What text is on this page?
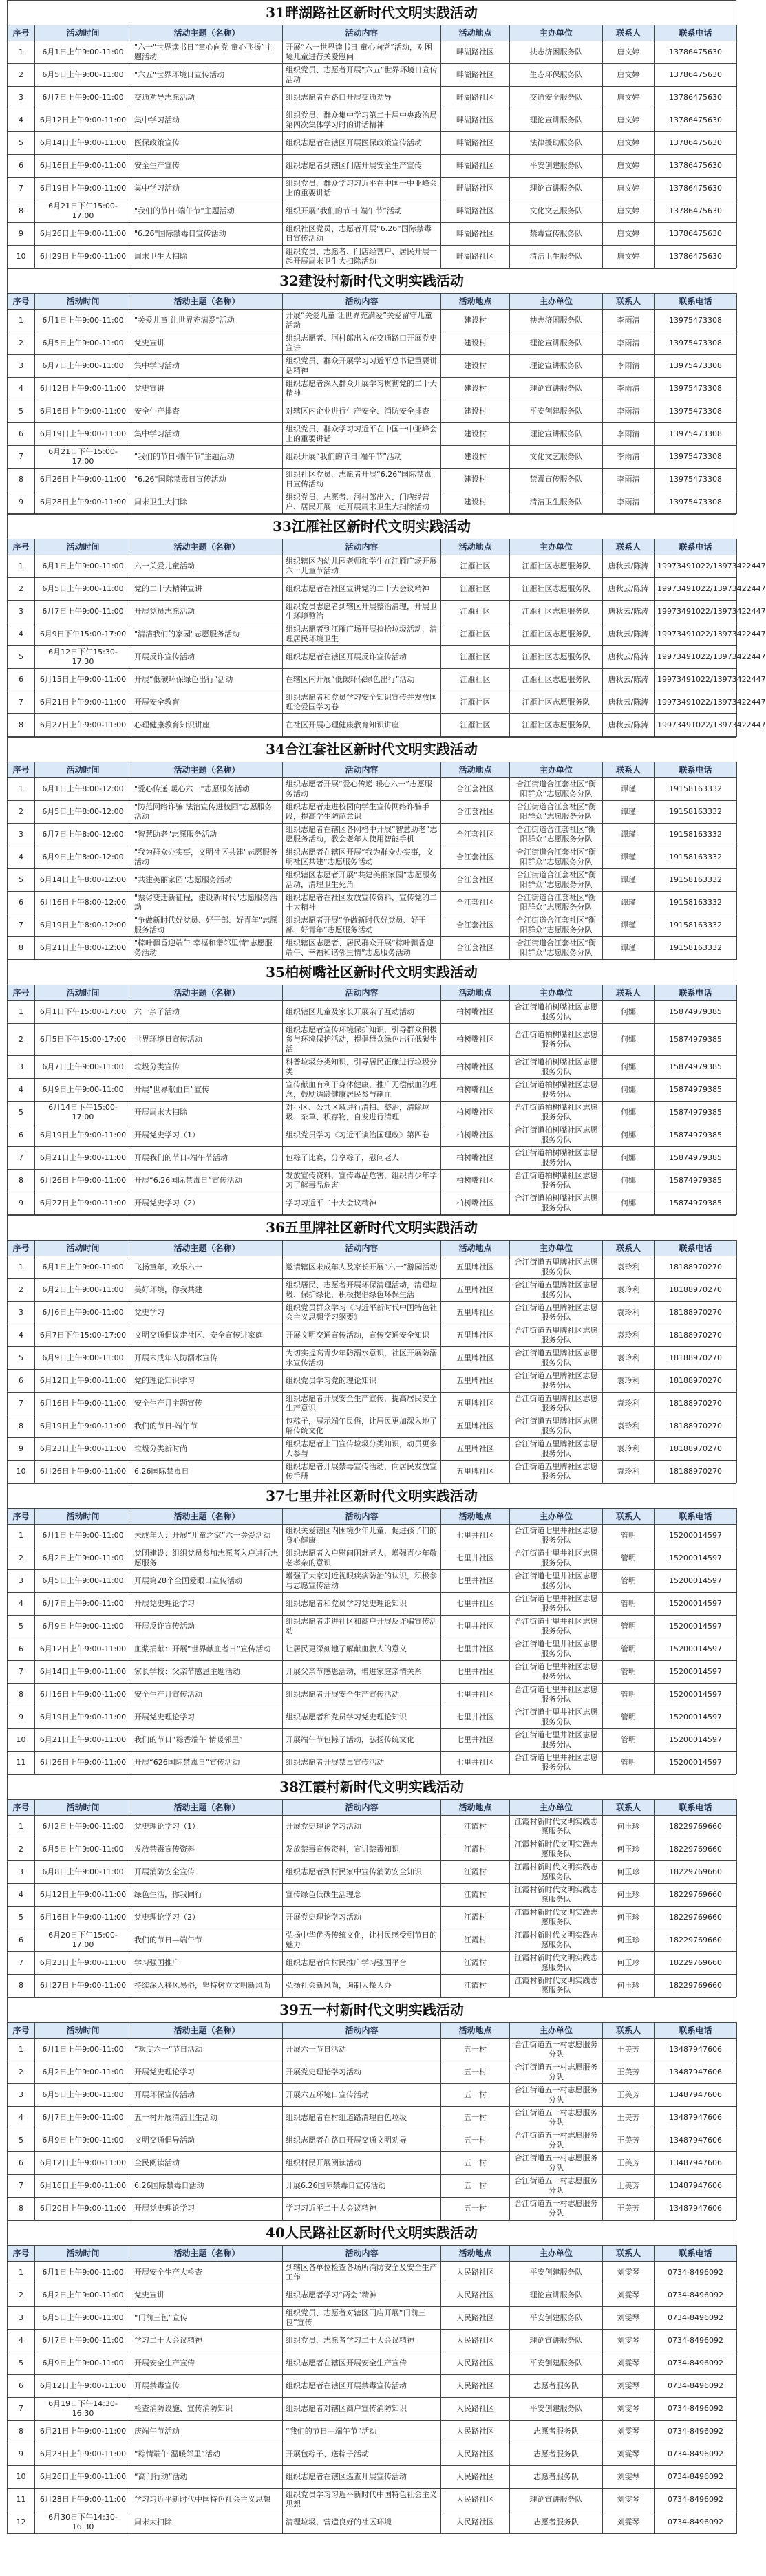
31畔湖路社区新时代文明实践活动
序号	活动时间	活动主题（名称）	活动内容	活动地点	主办单位	联系人	联系电话
1	6月1日上午9:00-11:00	"六一"世界读书日“童心向党 童心飞扬”主题活动	开展“六一世界读书日·童心向党”活动，对困境儿童进行关爱慰问	畔湖路社区	扶志济困服务队	唐文婷	13786475630
2	6月5日上午9:00-11:00	"六五"世界环境日宣传活动	组织党员、志愿者开展“六五”世界环境日宣传活动	畔湖路社区	生态环保服务队	唐文婷	13786475630
3	6月7日上午9:00-11:00	交通劝导志愿活动	组织志愿者在路口开展交通劝导	畔湖路社区	交通安全服务队	唐文婷	13786475630
4	6月12日上午9:00-11:00	集中学习活动	组织党员、群众集中学习第二十届中央政治局第四次集体学习时的讲话精神	畔湖路社区	理论宣讲服务队	唐文婷	13786475630
5	6月14日上午9:00-11:00	医保政策宣传	组织志愿者在辖区开展医保政策宣传活动	畔湖路社区	法律援助服务队	唐文婷	13786475630
6	6月16日上午9:00-11:00	安全生产宣传	组织志愿者到辖区门店开展安全生产宣传	畔湖路社区	平安创建服务队	唐文婷	13786475630
7	6月19日上午9:00-11:00	集中学习活动	组织党员、群众学习习近平在中国一中亚峰会上的重要讲话	畔湖路社区	理论宣讲服务队	唐文婷	13786475630
8	6月21日下午15:00-17:00	"我们的节日·端午节"主题活动	组织开展“我们的节日·端午节”活动	畔湖路社区	文化文艺服务队	唐文婷	13786475630
9	6月26日上午9:00-11:00	"6.26"国际禁毒日宣传活动	组织社区党员、志愿者开展“6.26”国际禁毒日宣传活动	畔湖路社区	禁毒宣传服务队	唐文婷	13786475630
10	6月29日上午9:00-11:00	周末卫生大扫除	组织党员、志愿者、门店经营户、居民开展一起开展周末卫生大扫除活动	畔湖路社区	清洁卫生服务队	唐文婷	13786475630
32建设村新时代文明实践活动
序号	活动时间	活动主题（名称）	活动内容	活动地点	主办单位	联系人	联系电话
1	6月1日上午9:00-11:00	"关爱儿童 让世界充满爱"活动	开展“关爱儿童 让世界充满爱”关爱留守儿童活动	建设村	扶志济困服务队	李雨清	13975473308
2	6月5日上午9:00-11:00	党史宣讲	组织志愿者、河村郎出入在交通路口开展党史宣讲	建设村	理论宣讲服务队	李雨清	13975473308
3	6月7日上午9:00-11:00	集中学习活动	组织党员、群众开展学习习近平总书记重要讲话精神	建设村	理论宣讲服务队	李雨清	13975473308
4	6月12日上午9:00-11:00	党史宣讲	组织志愿者深入群众开展学习贯彻党的二十大精神	建设村	理论宣讲服务队	李雨清	13975473308
5	6月16日上午9:00-11:00	安全生产排查	对辖区内企业进行生产安全、消防安全排查	建设村	平安创建服务队	李雨清	13975473308
6	6月19日上午9:00-11:00	集中学习活动	组织党员、群众学习习近平在中国一中亚峰会上的重要讲话	建设村	理论宣讲服务队	李雨清	13975473308
7	6月21日下午15:00-17:00	"我们的节日·端午节"主题活动	组织开展“我们的节日·端午节”活动	建设村	文化文艺服务队	李雨清	13975473308
8	6月26日上午9:00-11:00	"6.26"国际禁毒日宣传活动	组织社区党员、志愿者开展“6.26”国际禁毒日宣传活动	建设村	禁毒宣传服务队	李雨清	13975473308
9	6月28日上午9:00-11:00	周末卫生大扫除	组织党员、志愿者、河村郎出入、门店经营户、居民开展一起开展周末卫生大扫除活动	建设村	清洁卫生服务队	李雨清	13975473308
33江雁社区新时代文明实践活动
序号	活动时间	活动主题（名称）	活动内容	活动地点	主办单位	联系人	联系电话
1	6月1日上午9:00-11:00	六一关爱儿童活动	组织辖区内幼儿园老师和学生在江雁广场开展六一儿童节活动	江雁社区	江雁社区志愿服务队	唐秋云/陈涛	19973491022/13973422447
2	6月5日上午9:00-11:00	党的二十大精神宣讲	组织志愿者在社区宣讲党的二十大会议精神	江雁社区	江雁社区志愿服务队	唐秋云/陈涛	19973491022/13973422447
3	6月7日上午9:00-11:00	开展党员志愿活动	组织党员志愿者到辖区开展整治清理，开展卫生环境整治	江雁社区	江雁社区志愿服务队	唐秋云/陈涛	19973491022/13973422447
4	6月9日下午15:00-17:00	"清洁我们的家园"志愿服务活动	组织志愿者到江雁广场开展捡拾垃圾活动，清理居民环境卫生	江雁社区	江雁社区志愿服务队	唐秋云/陈涛	19973491022/13973422447
5	6月12日下午15:30-17:30	开展反诈宣传活动	组织志愿者在辖区开展反诈宣传活动	江雁社区	江雁社区志愿服务队	唐秋云/陈涛	19973491022/13973422447
6	6月15日上午9:00-11:00	开展“低碳环保绿色出行”活动	在辖区内开展“低碳环保绿色出行”活动	江雁社区	江雁社区志愿服务队	唐秋云/陈涛	19973491022/13973422447
7	6月21日上午9:00-11:00	开展安全教育	组织志愿者和党员学习安全知识宣传并发放国理论爱国学习卷	江雁社区	江雁社区志愿服务队	唐秋云/陈涛	19973491022/13973422447
8	6月27日上午9:00-11:00	心理健康教育知识讲座	在社区开展心理健康教育知识讲座	江雁社区	江雁社区志愿服务队	唐秋云/陈涛	19973491022/13973422447
34合江套社区新时代文明实践活动
序号	活动时间	活动主题（名称）	活动内容	活动地点	主办单位	联系人	联系电话
1	6月1日上午8:00-12:00	"爱心传递 暖心六一"志愿服务活动	组织志愿者开展“爱心传递 暖心六一”志愿服务活动	合江套社区	合江街道合江套社区“衡阳群众”志愿服务分队	谭瑾	19158163332
2	6月5日上午8:00-12:00	"防范网络诈骗 法治宣传进校园"志愿服务活动	组织志愿者走进校园向学生宣传网络诈骗手段，提高学生防范意识	合江套社区	合江街道合江套社区“衡阳群众”志愿服务分队	谭瑾	19158163332
3	6月7日上午8:00-12:00	"智慧助老"志愿服务活动	组织志愿者在辖区各网格中开展“智慧助老”志愿服务活动，教会老年人使用智能手机	合江套社区	合江街道合江套社区“衡阳群众”志愿服务分队	谭瑾	19158163332
4	6月9日上午8:00-12:00	"我为群众办实事，文明社区共建"志愿服务活动	组织志愿者在辖区开展“我为群众办实事，文明社区共建”志愿服务活动	合江套社区	合江街道合江套社区“衡阳群众”志愿服务分队	谭瑾	19158163332
5	6月14日上午8:00-12:00	"共建美丽家园"志愿服务活动	组织辖区志愿者开展“共建美丽家园”志愿服务活动，清理卫生死角	合江套社区	合江街道合江套社区“衡阳群众”志愿服务分队	谭瑾	19158163332
6	6月16日上午8:00-12:00	"票劣变迁新征程，建设新时代"志愿服务活动	组织志愿者在社区发放宣传资料，宣传党的二十大精神	合江套社区	合江街道合江套社区“衡阳群众”志愿服务分队	谭瑾	19158163332
7	6月19日上午8:00-12:00	"争做新时代好党员、好干部、好青年"志愿服务活动	组织志愿者开展“争做新时代好党员、好干部、好青年”志愿服务活动	合江套社区	合江街道合江套社区“衡阳群众”志愿服务分队	谭瑾	19158163332
8	6月21日上午8:00-12:00	"粽叶飘香迎端午 幸福和谐邻里情"志愿服务活动	组织辖区志愿者、居民群众开展“粽叶飘香迎端午、幸福和谐邻里情”志愿服务活动	合江套社区	合江街道合江套社区“衡阳群众”志愿服务分队	谭瑾	19158163332
35柏树嘴社区新时代文明实践活动
序号	活动时间	活动主题（名称）	活动内容	活动地点	主办单位	联系人	联系电话
1	6月1日下午15:00-17:00	六一亲子活动	组织辖区儿童及家长开展亲子互动活动	柏树嘴社区	合江街道柏树嘴社区志愿服务分队	何娜	15874979385
2	6月5日下午15:00-17:00	世界环境日宣传活动	组织志愿者宣传环境保护知识，引导群众积极参与环境保护活动，提倡群众绿色出行低碳生活	柏树嘴社区	合江街道柏树嘴社区志愿服务分队	何娜	15874979385
3	6月7日上午9:00-11:00	垃圾分类宣传	科普垃圾分类知识，引导居民正确进行垃圾分类	柏树嘴社区	合江街道柏树嘴社区志愿服务分队	何娜	15874979385
4	6月9日上午9:00-11:00	开展"世界献血日"宣传	宣传献血有利于身体健康，推广无偿献血的理念，鼓励适龄健康居民参与献血	柏树嘴社区	合江街道柏树嘴社区志愿服务分队	何娜	15874979385
5	6月14日下午15:00-17:00	开展周末大扫除	对小区、公共区域进行清扫、整治，清除垃圾、杂草、积存物，自发进行清理	柏树嘴社区	合江街道柏树嘴社区志愿服务分队	何娜	15874979385
6	6月19日上午9:00-11:00	开展党史学习（1）	组织党员学习《习近平谈治国理政》第四卷	柏树嘴社区	合江街道柏树嘴社区志愿服务分队	何娜	15874979385
7	6月21日上午9:00-11:00	开展我们的节日-端午节活动	包粽子比赛，分享粽子，慰问老人	柏树嘴社区	合江街道柏树嘴社区志愿服务分队	何娜	15874979385
8	6月26日上午9:00-11:00	开展“6.26国际禁毒日”宣传活动	发放宣传资料，宣传毒品危害，组织青少年学习了解毒品危害	柏树嘴社区	合江街道柏树嘴社区志愿服务分队	何娜	15874979385
9	6月27日上午9:00-11:00	开展党史学习（2）	学习习近平二十大会议精神	柏树嘴社区	合江街道柏树嘴社区志愿服务分队	何娜	15874979385
36五里牌社区新时代文明实践活动
序号	活动时间	活动主题（名称）	活动内容	活动地点	主办单位	联系人	联系电话
1	6月1日上午9:00-11:00	飞扬童年，欢乐六一	邀请辖区未成年人及家长开展“六一”游园活动	五里牌社区	合江街道五里牌社区志愿服务分队	袁玲利	18188970270
2	6月2日上午9:00-11:00	美好环境，你我共建	组织居民、志愿者开展环保清理活动，清理垃圾、保护绿化，积极提倡绿色环保生活	五里牌社区	合江街道五里牌社区志愿服务分队	袁玲利	18188970270
3	6月6日上午9:00-11:00	党史学习	组织党员群众学习《习近平新时代中国特色社会主义思想学习纲要》	五里牌社区	合江街道五里牌社区志愿服务分队	袁玲利	18188970270
4	6月7日下午15:00-17:00	文明交通倡议走社区、安全宣传进家庭	开展文明交通宣传活动，宣传交通安全知识	五里牌社区	合江街道五里牌社区志愿服务分队	袁玲利	18188970270
5	6月9日上午9:00-11:00	开展未成年人防溺水宣传	为切实提高青少年防溺水意识，社区开展防溺水宣传活动	五里牌社区	合江街道五里牌社区志愿服务分队	袁玲利	18188970270
6	6月12日上午9:00-11:00	党的理论知识学习	组织党员学习党的理论知识	五里牌社区	合江街道五里牌社区志愿服务分队	袁玲利	18188970270
7	6月16日上午9:00-11:00	安全生产月主题宣传	组织志愿者开展安全生产宣传，提高居民安全生产意识	五里牌社区	合江街道五里牌社区志愿服务分队	袁玲利	18188970270
8	6月19日上午9:00-11:00	我们的节日-端午节	包粽子，展示端午民俗，让居民更加深入地了解传统文化	五里牌社区	合江街道五里牌社区志愿服务分队	袁玲利	18188970270
9	6月23日上午9:00-11:00	垃圾分类新时尚	组织志愿者上门宣传垃圾分类知识，动员更多人参与	五里牌社区	合江街道五里牌社区志愿服务分队	袁玲利	18188970270
10	6月26日上午9:00-11:00	6.26国际禁毒日	组织志愿者开展禁毒宣传活动，向居民发放宣传手册	五里牌社区	合江街道五里牌社区志愿服务分队	袁玲利	18188970270
37七里井社区新时代文明实践活动
序号	活动时间	活动主题（名称）	活动内容	活动地点	主办单位	联系人	联系电话
1	6月1日上午9:00-11:00	未成年人：开展“儿童之家”六一关爱活动	组织关爱辖区内困境少年儿童，促进孩子们的身心健康	七里井社区	合江街道七里井社区志愿服务分队	管明	15200014597
2	6月2日上午9:00-11:00	党团建设：组织党员参加志愿者入户进行志愿服务	组织志愿者入户慰问困难老人，增强青少年敬老孝亲的意识	七里井社区	合江街道七里井社区志愿服务分队	管明	15200014597
3	6月5日上午9:00-11:00	开展第28个全国爱眼日宣传活动	增强了大家对近视眼疾病防治的认识，积极参与志愿宣传活动	七里井社区	合江街道七里井社区志愿服务分队	管明	15200014597
4	6月7日上午9:00-11:00	开展党史理论学习	组织志愿者和党员学习党史理论知识	七里井社区	合江街道七里井社区志愿服务分队	管明	15200014597
5	6月9日上午9:00-11:00	开展反诈宣传活动	组织志愿者走进社区和商户开展反诈骗宣传活动	七里井社区	合江街道七里井社区志愿服务分队	管明	15200014597
6	6月12日上午9:00-11:00	血浆捐献：开展“世界献血者日”宣传活动	让居民更深刻地了解献血救人的意义	七里井社区	合江街道七里井社区志愿服务分队	管明	15200014597
7	6月14日上午9:00-11:00	家长学校：父亲节感恩主题活动	开展父亲节感恩活动，增进家庭亲情关系	七里井社区	合江街道七里井社区志愿服务分队	管明	15200014597
8	6月16日上午9:00-11:00	安全生产月宣传活动	组织志愿者开展安全生产宣传活动	七里井社区	合江街道七里井社区志愿服务分队	管明	15200014597
9	6月19日上午9:00-11:00	开展党史理论学习	组织志愿者和党员学习党史理论知识	七里井社区	合江街道七里井社区志愿服务分队	管明	15200014597
10	6月21日上午9:00-11:00	我们的节日“粽香端午 情暖邻里”	开展端午节包粽子活动，弘扬传统文化	七里井社区	合江街道七里井社区志愿服务分队	管明	15200014597
11	6月26日上午9:00-11:00	开展“626国际禁毒日”宣传活动	组织志愿者开展禁毒宣传活动	七里井社区	合江街道七里井社区志愿服务分队	管明	15200014597
38江霞村新时代文明实践活动
序号	活动时间	活动主题（名称）	活动内容	活动地点	主办单位	联系人	联系电话
1	6月2日上午9:00-11:00	党史理论学习（1）	开展党史理论学习活动	江霞村	江霞村新时代文明实践志愿服务队	何玉珍	18229769660
2	6月5日上午9:00-11:00	发放禁毒宣传资料	发放禁毒宣传资料，宣讲禁毒知识	江霞村	江霞村新时代文明实践志愿服务队	何玉珍	18229769660
3	6月8日上午9:00-11:00	开展消防安全宣传	组织志愿者到村民家中宣传消防安全知识	江霞村	江霞村新时代文明实践志愿服务队	何玉珍	18229769660
4	6月12日上午9:00-11:00	绿色生活，你我同行	宣传绿色低碳生活理念	江霞村	江霞村新时代文明实践志愿服务队	何玉珍	18229769660
5	6月16日上午9:00-11:00	党史理论学习（2）	开展党史理论学习活动	江霞村	江霞村新时代文明实践志愿服务队	何玉珍	18229769660
6	6月20日下午15:00-17:00	我们的节日—端午节	弘扬中华优秀传统文化，让村民感受到节日的魅力	江霞村	江霞村新时代文明实践志愿服务队	何玉珍	18229769660
7	6月23日上午9:00-11:00	学习强国推广	组织志愿者向村民推广学习强国平台	江霞村	江霞村新时代文明实践志愿服务队	何玉珍	18229769660
8	6月27日上午9:00-11:00	持续深入移风易俗，坚持树立文明新风尚	弘扬社会新风尚，遏制大操大办	江霞村	江霞村新时代文明实践志愿服务队	何玉珍	18229769660
39五一村新时代文明实践活动
序号	活动时间	活动主题（名称）	活动内容	活动地点	主办单位	联系人	联系电话
1	6月1日上午9:00-11:00	“欢度六一”节日活动	开展六一节日活动	五一村	合江街道五一村志愿服务分队	王美芳	13487947606
2	6月2日上午9:00-11:00	开展党史理论学习	开展党史理论学习活动	五一村	合江街道五一村志愿服务分队	王美芳	13487947606
3	6月5日上午9:00-11:00	开展环保宣传活动	开展六五环境日宣传活动	五一村	合江街道五一村志愿服务分队	王美芳	13487947606
4	6月7日上午9:00-11:00	五一村开展清洁卫生活动	组织志愿者在村组道路清理白色垃圾	五一村	合江街道五一村志愿服务分队	王美芳	13487947606
5	6月9日上午9:00-11:00	文明交通倡导活动	组织志愿者在路口开展交通文明劝导	五一村	合江街道五一村志愿服务分队	王美芳	13487947606
6	6月12日上午9:00-11:00	全民阅读活动	组织村民开展阅读活动	五一村	合江街道五一村志愿服务分队	王美芳	13487947606
7	6月16日上午9:00-11:00	6.26国际禁毒日活动	开展6.26国际禁毒日宣传活动	五一村	合江街道五一村志愿服务分队	王美芳	13487947606
8	6月20日上午9:00-11:00	开展党史理论学习	学习习近平二十大会议精神	五一村	合江街道五一村志愿服务分队	王美芳	13487947606
40人民路社区新时代文明实践活动
序号	活动时间	活动主题（名称）	活动内容	活动地点	主办单位	联系人	联系电话
1	6月1日上午9:00-11:00	开展安全生产大检查	到辖区各单位检查各场所消防安全及安全生产工作	人民路社区	平安创建服务队	刘雯琴	0734-8496092
2	6月2日上午9:00-11:00	党史宣讲	组织志愿者学习“两会”精神	人民路社区	理论宣讲服务队	刘雯琴	0734-8496092
3	6月5日上午9:00-11:00	“门前三包”宣传	组织党员、志愿者对辖区门店开展“门前三包”宣传	人民路社区	平安创建服务队	刘雯琴	0734-8496092
4	6月7日上午9:00-11:00	学习二十大会议精神	组织党员、志愿者学习二十大会议精神	人民路社区	理论宣讲服务队	刘雯琴	0734-8496092
5	6月9日上午9:00-11:00	开展安全生产宣传	组织志愿者在辖区开展安全生产宣传	人民路社区	平安创建服务队	刘雯琴	0734-8496092
6	6月12日上午9:00-11:00	开展禁毒宣传	组织志愿者在辖区开展禁毒宣传活动	人民路社区	志愿者服务队	刘雯琴	0734-8496092
7	6月19日下午14:30-16:30	检查消防设施、宣传消防知识	组织志愿者对辖区商户宣传消防知识	人民路社区	平安创建服务队	刘雯琴	0734-8496092
8	6月21日上午9:00-11:00	庆端午节活动	“我们的节日—端午节”活动	人民路社区	志愿者服务队	刘雯琴	0734-8496092
9	6月23日上午9:00-11:00	“粽情端午 温暖邻里”活动	开展包粽子、送粽子活动	人民路社区	志愿者服务队	刘雯琴	0734-8496092
10	6月26日上午9:00-11:00	“高门行动”活动	组织志愿者在辖区巡查开展宣传活动	人民路社区	志愿者服务队	刘雯琴	0734-8496092
11	6月28日上午9:00-11:00	学习习近平新时代中国特色社会主义思想	组织党员学习习近平新时代中国特色社会主义思想	人民路社区	理论宣讲服务队	刘雯琴	0734-8496092
12	6月30日下午14:30-16:30	周末大扫除	清理垃圾，营造良好的社区环境	人民路社区	志愿者服务队	刘雯琴	0734-8496092
